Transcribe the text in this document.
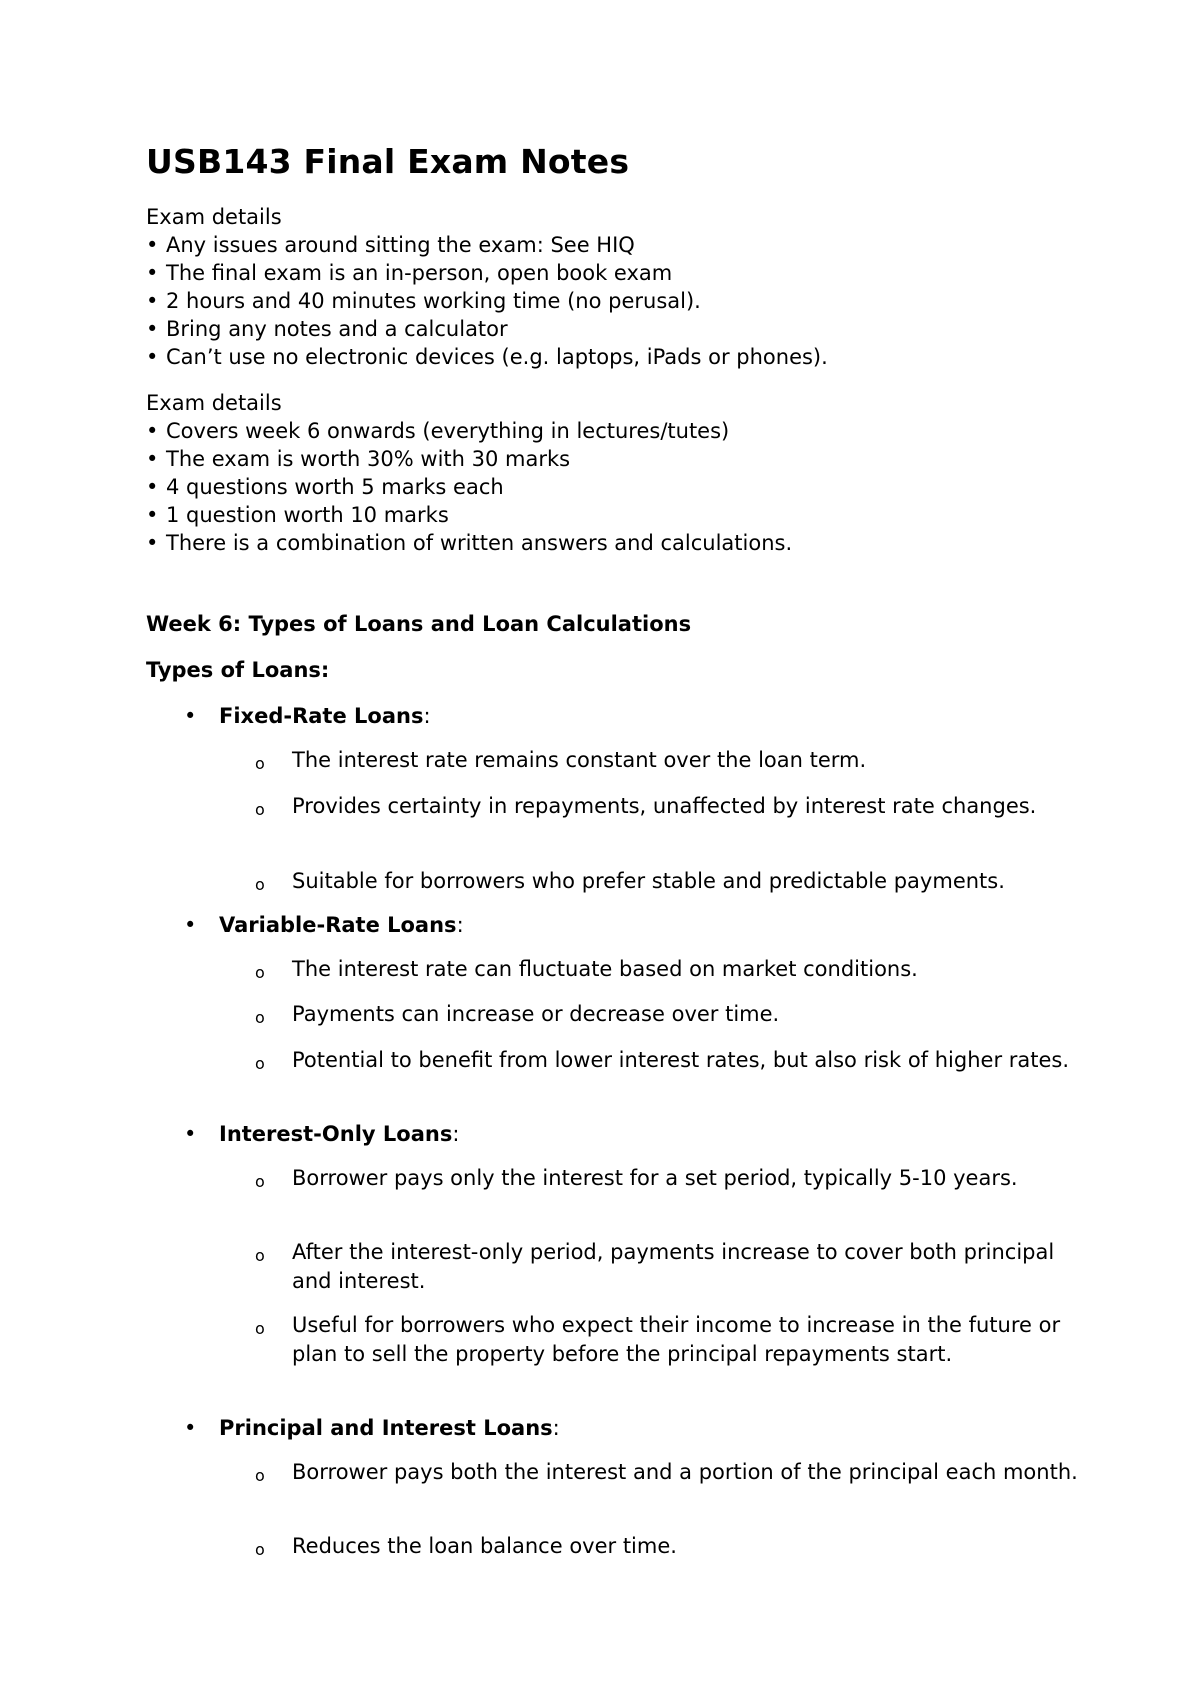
USB143 Final Exam Notes
Exam details
• Any issues around sitting the exam: See HIQ
• The final exam is an in-person, open book exam
• 2 hours and 40 minutes working time (no perusal).
• Bring any notes and a calculator
• Can’t use no electronic devices (e.g. laptops, iPads or phones).
Exam details
• Covers week 6 onwards (everything in lectures/tutes)
• The exam is worth 30% with 30 marks
• 4 questions worth 5 marks each
• 1 question worth 10 marks
• There is a combination of written answers and calculations.
Week 6: Types of Loans and Loan Calculations
Types of Loans:
•	Fixed-Rate Loans:
o The interest rate remains constant over the loan term.
o Provides certainty in repayments, unaffected by interest rate changes.
o Suitable for borrowers who prefer stable and predictable payments.
•	Variable-Rate Loans:
o The interest rate can fluctuate based on market conditions.
o Payments can increase or decrease over time.
o Potential to benefit from lower interest rates, but also risk of higher rates.
•	Interest-Only Loans:
o Borrower pays only the interest for a set period, typically 5-10 years.
o After the interest-only period, payments increase to cover both principal and interest.
o Useful for borrowers who expect their income to increase in the future or plan to sell the property before the principal repayments start.
•	Principal and Interest Loans:
o Borrower pays both the interest and a portion of the principal each month.
o Reduces the loan balance over time.
